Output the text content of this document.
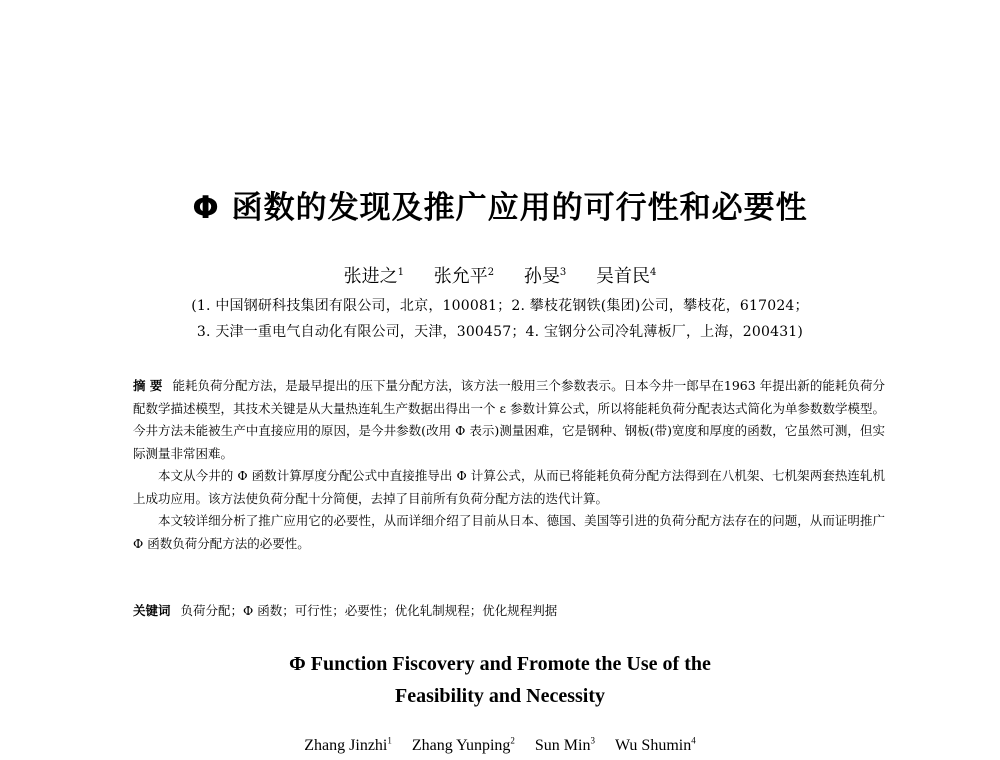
Φ 函数的发现及推广应用的可行性和必要性
张进之$^1$ 张允平$^2$ 孙旻$^3$ 吴首民$^4$
(1. 中国钢研科技集团有限公司，北京，100081；2. 攀枝花钢铁(集团)公司，攀枝花，617024；
3. 天津一重电气自动化有限公司，天津，300457；4. 宝钢分公司冷轧薄板厂，上海，200431)

摘 要 能耗负荷分配方法，是最早提出的压下量分配方法，该方法一般用三个参数表示。日本今井一郎早在1963 年提出新的能耗负荷分配数学描述模型，其技术关键是从大量热连轧生产数据出得出一个 ε 参数计算公式，所以将能耗负荷分配表达式简化为单参数数学模型。今井方法未能被生产中直接应用的原因，是今井参数(改用 Φ 表示)测量困难，它是钢种、钢板(带)宽度和厚度的函数，它虽然可测，但实际测量非常困难。

本文从今井的 Φ 函数计算厚度分配公式中直接推导出 Φ 计算公式，从而已将能耗负荷分配方法得到在八机架、七机架两套热连轧机上成功应用。该方法使负荷分配十分简便，去掉了目前所有负荷分配方法的迭代计算。

本文较详细分析了推广应用它的必要性，从而详细介绍了目前从日本、德国、美国等引进的负荷分配方法存在的问题，从而证明推广 Φ 函数负荷分配方法的必要性。

关键词 负荷分配；Φ 函数；可行性；必要性；优化轧制规程；优化规程判据
Φ Function Fiscovery and Fromote the Use of the
Feasibility and Necessity
Zhang Jinzhi$^1$ Zhang Yunping$^2$ Sun Min$^3$ Wu Shumin$^4$
